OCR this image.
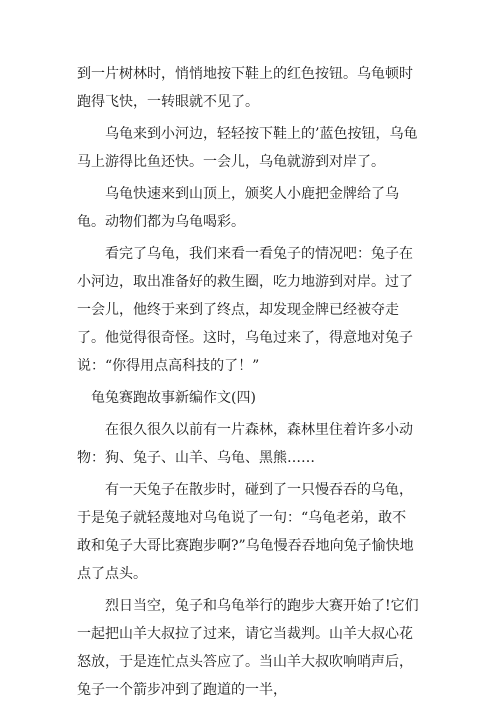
到一片树林时，悄悄地按下鞋上的红色按钮。乌龟顿时跑得飞快，一转眼就不见了。

乌龟来到小河边，轻轻按下鞋上的’蓝色按钮，乌龟马上游得比鱼还快。一会儿，乌龟就游到对岸了。

乌龟快速来到山顶上，颁奖人小鹿把金牌给了乌龟。动物们都为乌龟喝彩。

看完了乌龟，我们来看一看兔子的情况吧：兔子在小河边，取出准备好的救生圈，吃力地游到对岸。过了一会儿，他终于来到了终点，却发现金牌已经被夺走了。他觉得很奇怪。这时，乌龟过来了，得意地对兔子说：“你得用点高科技的了！”

龟兔赛跑故事新编作文(四)

在很久很久以前有一片森林，森林里住着许多小动物：狗、兔子、山羊、乌龟、黑熊……

有一天兔子在散步时，碰到了一只慢吞吞的乌龟，于是兔子就轻蔑地对乌龟说了一句：“乌龟老弟，敢不敢和兔子大哥比赛跑步啊?”乌龟慢吞吞地向兔子愉快地点了点头。

烈日当空，兔子和乌龟举行的跑步大赛开始了!它们一起把山羊大叔拉了过来，请它当裁判。山羊大叔心花怒放，于是连忙点头答应了。当山羊大叔吹响哨声后，兔子一个箭步冲到了跑道的一半，
